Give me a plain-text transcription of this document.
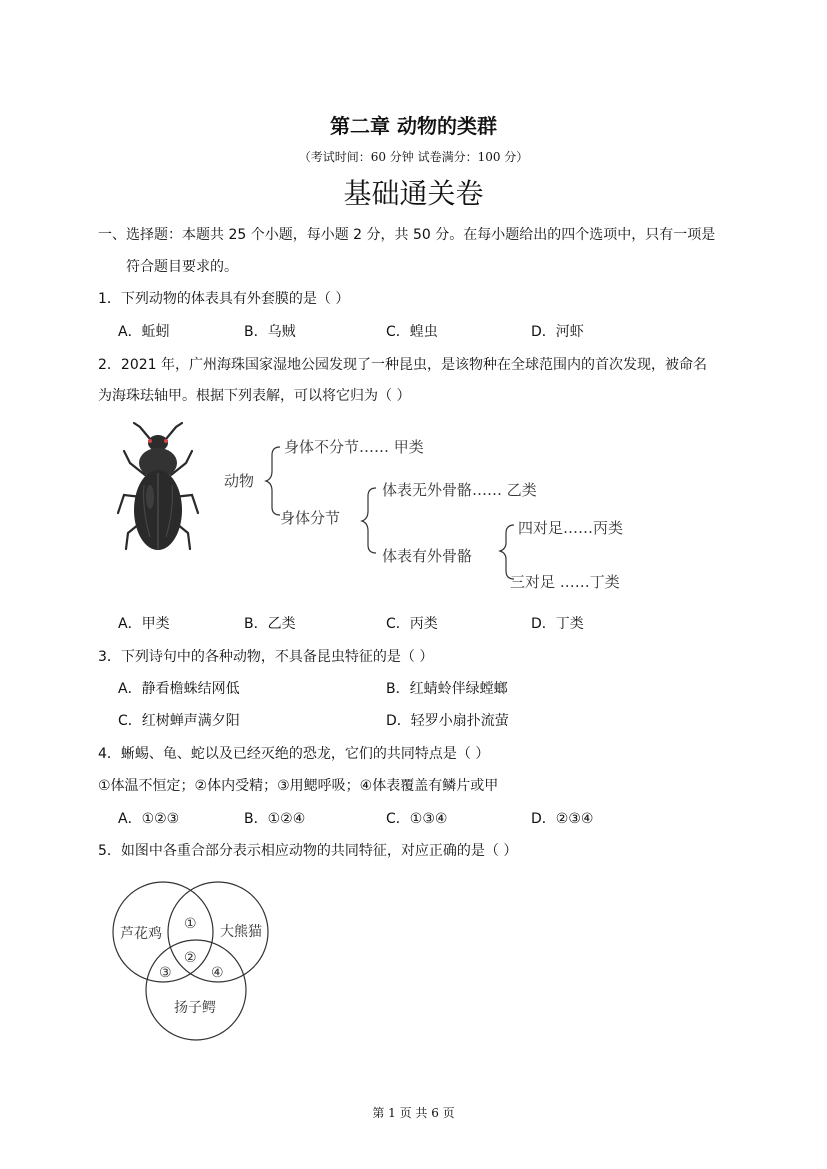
第二章 动物的类群
（考试时间：60 分钟 试卷满分：100 分）
基础通关卷
一、选择题：本题共 25 个小题，每小题 2 分，共 50 分。在每小题给出的四个选项中，只有一项是
符合题目要求的。
1．下列动物的体表具有外套膜的是（ ）
A．蚯蚓	B．乌贼	C．蝗虫	D．河虾
2．2021 年，广州海珠国家湿地公园发现了一种昆虫，是该物种在全球范围内的首次发现，被命名
为海珠珐轴甲。根据下列表解，可以将它归为（ ）
动物
身体不分节…… 甲类
身体分节
体表无外骨骼…… 乙类
体表有外骨骼
四对足……丙类
三对足 ……丁类
A．甲类	B．乙类	C．丙类	D．丁类
3．下列诗句中的各种动物，不具备昆虫特征的是（ ）
A．静看檐蛛结网低	B．红蜻蛉伴绿螳螂
C．红树蝉声满夕阳	D．轻罗小扇扑流萤
4．蜥蜴、龟、蛇以及已经灭绝的恐龙，它们的共同特点是（ ）
①体温不恒定；②体内受精；③用鳃呼吸；④体表覆盖有鳞片或甲
A．①②③	B．①②④	C．①③④	D．②③④
5．如图中各重合部分表示相应动物的共同特征，对应正确的是（ ）
芦花鸡	大熊猫
扬子鳄
①
②
③	④
第 1 页 共 6 页
